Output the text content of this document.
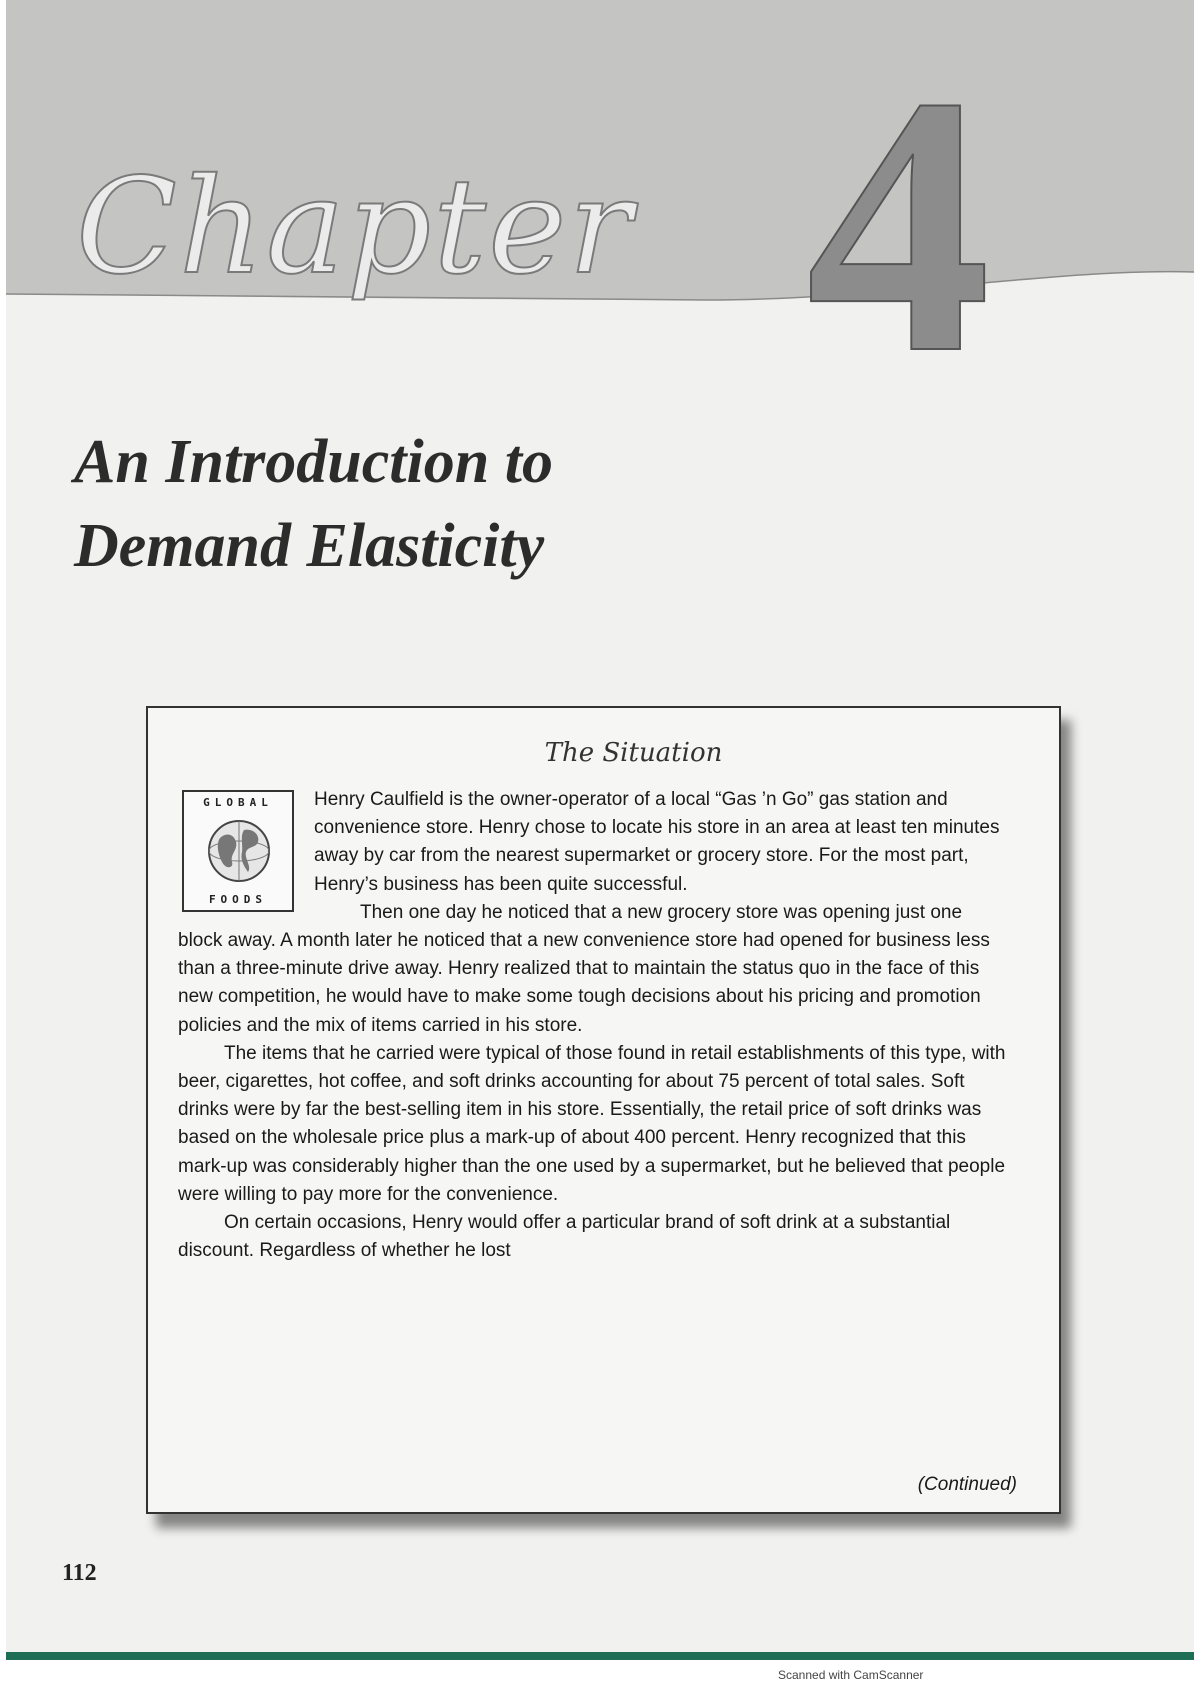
Chapter 4
An Introduction to
Demand Elasticity
The Situation
GLOBAL
FOODS

Henry Caulfield is the owner-operator of a local “Gas ’n Go” gas station and convenience store. Henry chose to locate his store in an area at least ten minutes away by car from the nearest supermarket or grocery store. For the most part, Henry’s business has been quite successful.

Then one day he noticed that a new grocery store was opening just one block away. A month later he noticed that a new convenience store had opened for business less than a three-minute drive away. Henry realized that to maintain the status quo in the face of this new competition, he would have to make some tough decisions about his pricing and promotion policies and the mix of items carried in his store.

The items that he carried were typical of those found in retail establishments of this type, with beer, cigarettes, hot coffee, and soft drinks accounting for about 75 percent of total sales. Soft drinks were by far the best-selling item in his store. Essentially, the retail price of soft drinks was based on the wholesale price plus a mark-up of about 400 percent. Henry recognized that this mark-up was considerably higher than the one used by a supermarket, but he believed that people were willing to pay more for the convenience.

On certain occasions, Henry would offer a particular brand of soft drink at a substantial discount. Regardless of whether he lost

(Continued)
112
Scanned with CamScanner
